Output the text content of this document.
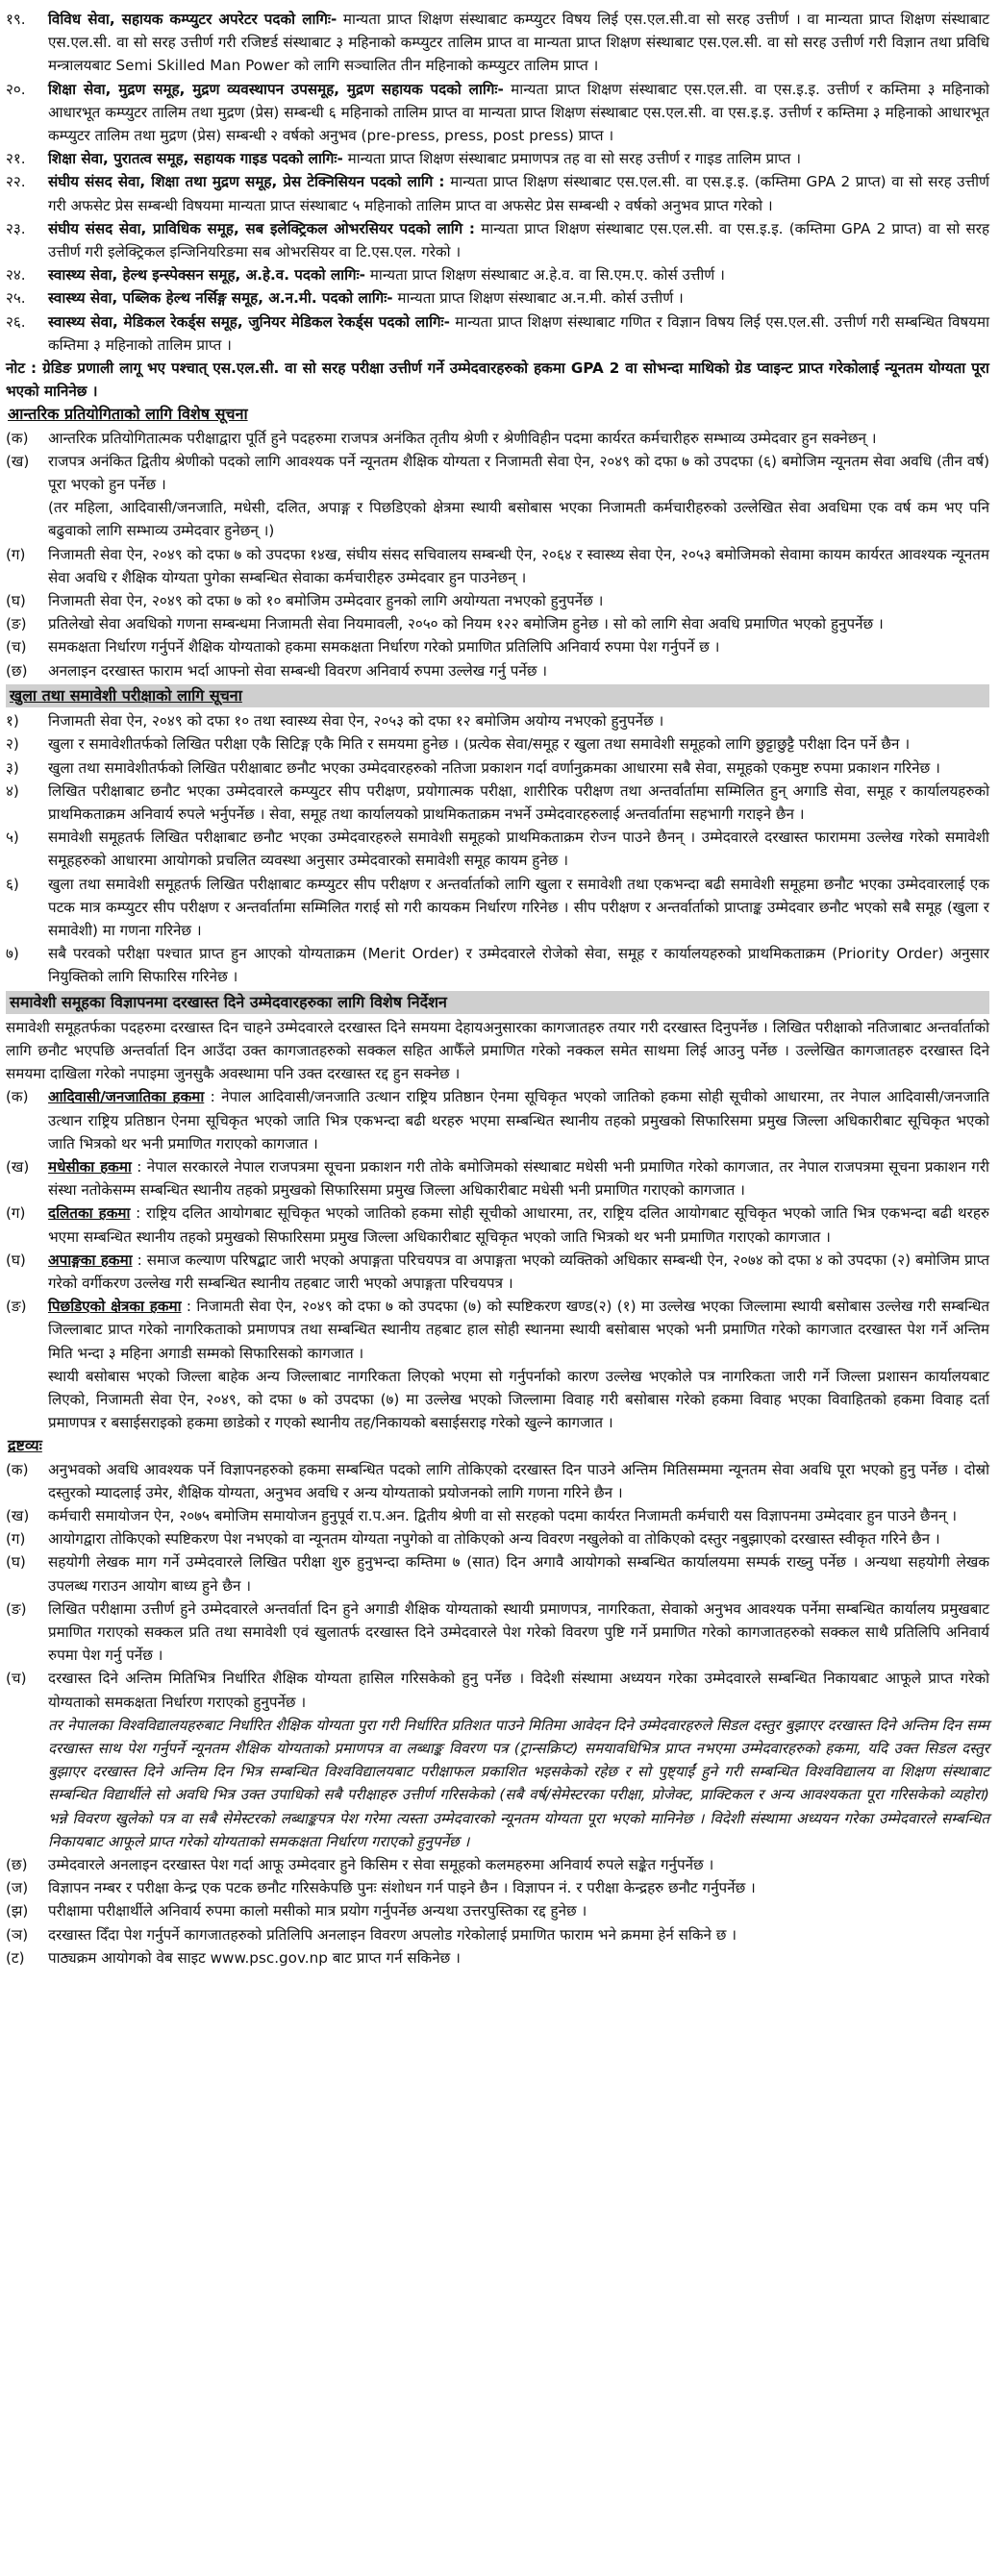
१९.	विविध सेवा, सहायक कम्प्युटर अपरेटर पदको लागिः- मान्यता प्राप्त शिक्षण संस्थाबाट कम्प्युटर विषय लिई एस.एल.सी.वा सो सरह उत्तीर्ण । वा मान्यता प्राप्त शिक्षण संस्थाबाट एस.एल.सी. वा सो सरह उत्तीर्ण गरी रजिष्टर्ड संस्थाबाट ३ महिनाको कम्प्युटर तालिम प्राप्त वा मान्यता प्राप्त शिक्षण संस्थाबाट एस.एल.सी. वा सो सरह उत्तीर्ण गरी विज्ञान तथा प्रविधि मन्त्रालयबाट Semi Skilled Man Power को लागि सञ्चालित तीन महिनाको कम्प्युटर तालिम प्राप्त ।
२०.	शिक्षा सेवा, मुद्रण समूह, मुद्रण व्यवस्थापन उपसमूह, मुद्रण सहायक पदको लागिः- मान्यता प्राप्त शिक्षण संस्थाबाट एस.एल.सी. वा एस.इ.इ. उत्तीर्ण र कम्तिमा ३ महिनाको आधारभूत कम्प्युटर तालिम तथा मुद्रण (प्रेस) सम्बन्धी ६ महिनाको तालिम प्राप्त वा मान्यता प्राप्त शिक्षण संस्थाबाट एस.एल.सी. वा एस.इ.इ. उत्तीर्ण र कम्तिमा ३ महिनाको आधारभूत कम्प्युटर तालिम तथा मुद्रण (प्रेस) सम्बन्धी २ वर्षको अनुभव (pre-press, press, post press) प्राप्त ।
२१.	शिक्षा सेवा, पुरातत्व समूह, सहायक गाइड पदको लागिः- मान्यता प्राप्त शिक्षण संस्थाबाट प्रमाणपत्र तह वा सो सरह उत्तीर्ण र गाइड तालिम प्राप्त ।
२२.	संघीय संसद सेवा, शिक्षा तथा मुद्रण समूह, प्रेस टेक्निसियन पदको लागि : मान्यता प्राप्त शिक्षण संस्थाबाट एस.एल.सी. वा एस.इ.इ. (कम्तिमा GPA 2 प्राप्त) वा सो सरह उत्तीर्ण गरी अफसेट प्रेस सम्बन्धी विषयमा मान्यता प्राप्त संस्थाबाट ५ महिनाको तालिम प्राप्त वा अफसेट प्रेस सम्बन्धी २ वर्षको अनुभव प्राप्त गरेको ।
२३.	संघीय संसद सेवा, प्राविधिक समूह, सब इलेक्ट्रिकल ओभरसियर पदको लागि : मान्यता प्राप्त शिक्षण संस्थाबाट एस.एल.सी. वा एस.इ.इ. (कम्तिमा GPA 2 प्राप्त) वा सो सरह उत्तीर्ण गरी इलेक्ट्रिकल इन्जिनियरिङमा सब ओभरसियर वा टि.एस.एल. गरेको ।
२४.	स्वास्थ्य सेवा, हेल्थ इन्स्पेक्सन समूह, अ.हे.व. पदको लागिः- मान्यता प्राप्त शिक्षण संस्थाबाट अ.हे.व. वा सि.एम.ए. कोर्स उत्तीर्ण ।
२५.	स्वास्थ्य सेवा, पब्लिक हेल्थ नर्सिङ्ग समूह, अ.न.मी. पदको लागिः- मान्यता प्राप्त शिक्षण संस्थाबाट अ.न.मी. कोर्स उत्तीर्ण ।
२६.	स्वास्थ्य सेवा, मेडिकल रेकर्ड्स समूह, जुनियर मेडिकल रेकर्ड्स पदको लागिः- मान्यता प्राप्त शिक्षण संस्थाबाट गणित र विज्ञान विषय लिई एस.एल.सी. उत्तीर्ण गरी सम्बन्धित विषयमा कम्तिमा ३ महिनाको तालिम प्राप्त ।
नोट : ग्रेडिङ प्रणाली लागू भए पश्चात् एस.एल.सी. वा सो सरह परीक्षा उत्तीर्ण गर्ने उम्मेदवारहरुको हकमा GPA 2 वा सोभन्दा माथिको ग्रेड प्वाइन्ट प्राप्त गरेकोलाई न्यूनतम योग्यता पूरा भएको मानिनेछ ।
आन्तरिक प्रतियोगिताको लागि विशेष सूचना
(क)	आन्तरिक प्रतियोगितात्मक परीक्षाद्वारा पूर्ति हुने पदहरुमा राजपत्र अनंकित तृतीय श्रेणी र श्रेणीविहीन पदमा कार्यरत कर्मचारीहरु सम्भाव्य उम्मेदवार हुन सक्नेछन् ।
(ख)	राजपत्र अनंकित द्वितीय श्रेणीको पदको लागि आवश्यक पर्ने न्यूनतम शैक्षिक योग्यता र निजामती सेवा ऐन, २०४९ को दफा ७ को उपदफा (६) बमोजिम न्यूनतम सेवा अवधि (तीन वर्ष) पूरा भएको हुन पर्नेछ ।
(तर महिला, आदिवासी/जनजाति, मधेसी, दलित, अपाङ्ग र पिछडिएको क्षेत्रमा स्थायी बसोबास भएका निजामती कर्मचारीहरुको उल्लेखित सेवा अवधिमा एक वर्ष कम भए पनि बढुवाको लागि सम्भाव्य उम्मेदवार हुनेछन् ।)
(ग)	निजामती सेवा ऐन, २०४९ को दफा ७ को उपदफा १४ख, संघीय संसद सचिवालय सम्बन्धी ऐन, २०६४ र स्वास्थ्य सेवा ऐन, २०५३ बमोजिमको सेवामा कायम कार्यरत आवश्यक न्यूनतम सेवा अवधि र शैक्षिक योग्यता पुगेका सम्बन्धित सेवाका कर्मचारीहरु उम्मेदवार हुन पाउनेछन् ।
(घ)	निजामती सेवा ऐन, २०४९ को दफा ७ को १० बमोजिम उम्मेदवार हुनको लागि अयोग्यता नभएको हुनुपर्नेछ ।
(ङ)	प्रतिलेखो सेवा अवधिको गणना सम्बन्धमा निजामती सेवा नियमावली, २०५० को नियम १२२ बमोजिम हुनेछ । सो को लागि सेवा अवधि प्रमाणित भएको हुनुपर्नेछ ।
(च)	समकक्षता निर्धारण गर्नुपर्ने शैक्षिक योग्यताको हकमा समकक्षता निर्धारण गरेको प्रमाणित प्रतिलिपि अनिवार्य रुपमा पेश गर्नुपर्ने छ ।
(छ)	अनलाइन दरखास्त फाराम भर्दा आफ्नो सेवा सम्बन्धी विवरण अनिवार्य रुपमा उल्लेख गर्नु पर्नेछ ।
खुला तथा समावेशी परीक्षाको लागि सूचना
१)	निजामती सेवा ऐन, २०४९ को दफा १० तथा स्वास्थ्य सेवा ऐन, २०५३ को दफा १२ बमोजिम अयोग्य नभएको हुनुपर्नेछ ।
२)	खुला र समावेशीतर्फको लिखित परीक्षा एकै सिटिङ्ग एकै मिति र समयमा हुनेछ । (प्रत्येक सेवा/समूह र खुला तथा समावेशी समूहको लागि छुट्टाछुट्टै परीक्षा दिन पर्ने छैन ।
३)	खुला तथा समावेशीतर्फको लिखित परीक्षाबाट छनौट भएका उम्मेदवारहरुको नतिजा प्रकाशन गर्दा वर्णानुक्रमका आधारमा सबै सेवा, समूहको एकमुष्ट रुपमा प्रकाशन गरिनेछ ।
४)	लिखित परीक्षाबाट छनौट भएका उम्मेदवारले कम्प्युटर सीप परीक्षण, प्रयोगात्मक परीक्षा, शारीरिक परीक्षण तथा अन्तर्वार्तामा सम्मिलित हुन् अगाडि सेवा, समूह र कार्यालयहरुको प्राथमिकताक्रम अनिवार्य रुपले भर्नुपर्नेछ । सेवा, समूह तथा कार्यालयको प्राथमिकताक्रम नभर्ने उम्मेदवारहरुलाई अन्तर्वार्तामा सहभागी गराइने छैन ।
५)	समावेशी समूहतर्फ लिखित परीक्षाबाट छनौट भएका उम्मेदवारहरुले समावेशी समूहको प्राथमिकताक्रम रोज्न पाउने छैनन् । उम्मेदवारले दरखास्त फाराममा उल्लेख गरेको समावेशी समूहहरुको आधारमा आयोगको प्रचलित व्यवस्था अनुसार उम्मेदवारको समावेशी समूह कायम हुनेछ ।
६)	खुला तथा समावेशी समूहतर्फ लिखित परीक्षाबाट कम्प्युटर सीप परीक्षण र अन्तर्वार्ताको लागि खुला र समावेशी तथा एकभन्दा बढी समावेशी समूहमा छनौट भएका उम्मेदवारलाई एक पटक मात्र कम्प्युटर सीप परीक्षण र अन्तर्वार्तामा सम्मिलित गराई सो गरी कायकम निर्धारण गरिनेछ । सीप परीक्षण र अन्तर्वार्ताको प्राप्ताङ्क उम्मेदवार छनौट भएको सबै समूह (खुला र समावेशी) मा गणना गरिनेछ ।
७)	सबै परवको परीक्षा पश्चात प्राप्त हुन आएको योग्यताक्रम (Merit Order) र उम्मेदवारले रोजेको सेवा, समूह र कार्यालयहरुको प्राथमिकताक्रम (Priority Order) अनुसार नियुक्तिको लागि सिफारिस गरिनेछ ।
समावेशी समूहका विज्ञापनमा दरखास्त दिने उम्मेदवारहरुका लागि विशेष निर्देशन
समावेशी समूहतर्फका पदहरुमा दरखास्त दिन चाहने उम्मेदवारले दरखास्त दिने समयमा देहायअनुसारका कागजातहरु तयार गरी दरखास्त दिनुपर्नेछ । लिखित परीक्षाको नतिजाबाट अन्तर्वार्ताको लागि छनौट भएपछि अन्तर्वार्ता दिन आउँदा उक्त कागजातहरुको सक्कल सहित आफैँले प्रमाणित गरेको नक्कल समेत साथमा लिई आउनु पर्नेछ । उल्लेखित कागजातहरु दरखास्त दिने समयमा दाखिला गरेको नपाइमा जुनसुकै अवस्थामा पनि उक्त दरखास्त रद्द हुन सक्नेछ ।
(क)	आदिवासी/जनजातिका हकमा : नेपाल आदिवासी/जनजाति उत्थान राष्ट्रिय प्रतिष्ठान ऐनमा सूचिकृत भएको जातिको हकमा सोही सूचीको आधारमा, तर नेपाल आदिवासी/जनजाति उत्थान राष्ट्रिय प्रतिष्ठान ऐनमा सूचिकृत भएको जाति भित्र एकभन्दा बढी थरहरु भएमा सम्बन्धित स्थानीय तहको प्रमुखको सिफारिसमा प्रमुख जिल्ला अधिकारीबाट सूचिकृत भएको जाति भित्रको थर भनी प्रमाणित गराएको कागजात ।
(ख)	मधेसीका हकमा : नेपाल सरकारले नेपाल राजपत्रमा सूचना प्रकाशन गरी तोके बमोजिमको संस्थाबाट मधेसी भनी प्रमाणित गरेको कागजात, तर नेपाल राजपत्रमा सूचना प्रकाशन गरी संस्था नतोकेसम्म सम्बन्धित स्थानीय तहको प्रमुखको सिफारिसमा प्रमुख जिल्ला अधिकारीबाट मधेसी भनी प्रमाणित गराएको कागजात ।
(ग)	दलितका हकमा : राष्ट्रिय दलित आयोगबाट सूचिकृत भएको जातिको हकमा सोही सूचीको आधारमा, तर, राष्ट्रिय दलित आयोगबाट सूचिकृत भएको जाति भित्र एकभन्दा बढी थरहरु भएमा सम्बन्धित स्थानीय तहको प्रमुखको सिफारिसमा प्रमुख जिल्ला अधिकारीबाट सूचिकृत भएको जाति भित्रको थर भनी प्रमाणित गराएको कागजात ।
(घ)	अपाङ्गका हकमा : समाज कल्याण परिषद्बाट जारी भएको अपाङ्गता परिचयपत्र वा अपाङ्गता भएको व्यक्तिको अधिकार सम्बन्धी ऐन, २०७४ को दफा ४ को उपदफा (२) बमोजिम प्राप्त गरेको वर्गीकरण उल्लेख गरी सम्बन्धित स्थानीय तहबाट जारी भएको अपाङ्गता परिचयपत्र ।
(ङ)	पिछडिएको क्षेत्रका हकमा : निजामती सेवा ऐन, २०४९ को दफा ७ को उपदफा (७) को स्पष्टिकरण खण्ड(२) (१) मा उल्लेख भएका जिल्लामा स्थायी बसोबास उल्लेख गरी सम्बन्धित जिल्लाबाट प्राप्त गरेको नागरिकताको प्रमाणपत्र तथा सम्बन्धित स्थानीय तहबाट हाल सोही स्थानमा स्थायी बसोबास भएको भनी प्रमाणित गरेको कागजात दरखास्त पेश गर्ने अन्तिम मिति भन्दा ३ महिना अगाडी सम्मको सिफारिसको कागजात ।
स्थायी बसोबास भएको जिल्ला बाहेक अन्य जिल्लाबाट नागरिकता लिएको भएमा सो गर्नुपर्नाको कारण उल्लेख भएकोले पत्र नागरिकता जारी गर्ने जिल्ला प्रशासन कार्यालयबाट लिएको, निजामती सेवा ऐन, २०४९, को दफा ७ को उपदफा (७) मा उल्लेख भएको जिल्लामा विवाह गरी बसोबास गरेको हकमा विवाह भएका विवाहितको हकमा विवाह दर्ता प्रमाणपत्र र बसाईसराइको हकमा छाडेको र गएको स्थानीय तह/निकायको बसाईसराइ गरेको खुल्ने कागजात ।
द्रष्टव्यः
(क)	अनुभवको अवधि आवश्यक पर्ने विज्ञापनहरुको हकमा सम्बन्धित पदको लागि तोकिएको दरखास्त दिन पाउने अन्तिम मितिसम्ममा न्यूनतम सेवा अवधि पूरा भएको हुनु पर्नेछ । दोस्रो दस्तुरको म्यादलाई उमेर, शैक्षिक योग्यता, अनुभव अवधि र अन्य योग्यताको प्रयोजनको लागि गणना गरिने छैन ।
(ख)	कर्मचारी समायोजन ऐन, २०७५ बमोजिम समायोजन हुनुपूर्व रा.प.अन. द्वितीय श्रेणी वा सो सरहको पदमा कार्यरत निजामती कर्मचारी यस विज्ञापनमा उम्मेदवार हुन पाउने छैनन् ।
(ग)	आयोगद्वारा तोकिएको स्पष्टिकरण पेश नभएको वा न्यूनतम योग्यता नपुगेको वा तोकिएको अन्य विवरण नखुलेको वा तोकिएको दस्तुर नबुझाएको दरखास्त स्वीकृत गरिने छैन ।
(घ)	सहयोगी लेखक माग गर्ने उम्मेदवारले लिखित परीक्षा शुरु हुनुभन्दा कम्तिमा ७ (सात) दिन अगावै आयोगको सम्बन्धित कार्यालयमा सम्पर्क राख्नु पर्नेछ । अन्यथा सहयोगी लेखक उपलब्ध गराउन आयोग बाध्य हुने छैन ।
(ङ)	लिखित परीक्षामा उत्तीर्ण हुने उम्मेदवारले अन्तर्वार्ता दिन हुने अगाडी शैक्षिक योग्यताको स्थायी प्रमाणपत्र, नागरिकता, सेवाको अनुभव आवश्यक पर्नेमा सम्बन्धित कार्यालय प्रमुखबाट प्रमाणित गराएको सक्कल प्रति तथा समावेशी एवं खुलातर्फ दरखास्त दिने उम्मेदवारले पेश गरेको विवरण पुष्टि गर्ने प्रमाणित गरेको कागजातहरुको सक्कल साथै प्रतिलिपि अनिवार्य रुपमा पेश गर्नु पर्नेछ ।
(च)	दरखास्त दिने अन्तिम मितिभित्र निर्धारित शैक्षिक योग्यता हासिल गरिसकेको हुनु पर्नेछ । विदेशी संस्थामा अध्ययन गरेका उम्मेदवारले सम्बन्धित निकायबाट आफूले प्राप्त गरेको योग्यताको समकक्षता निर्धारण गराएको हुनुपर्नेछ ।
तर नेपालका विश्वविद्यालयहरुबाट निर्धारित शैक्षिक योग्यता पुरा गरी निर्धारित प्रतिशत पाउने मितिमा आवेदन दिने उम्मेदवारहरुले सिडल दस्तुर बुझाएर दरखास्त दिने अन्तिम दिन सम्म दरखास्त साथ पेश गर्नुपर्ने न्यूनतम शैक्षिक योग्यताको प्रमाणपत्र वा लब्धाङ्क विवरण पत्र (ट्रान्सक्रिप्ट) समयावधिभित्र प्राप्त नभएमा उम्मेदवारहरुको हकमा, यदि उक्त सिडल दस्तुर बुझाएर दरखास्त दिने अन्तिम दिन भित्र सम्बन्धित विश्वविद्यालयबाट परीक्षाफल प्रकाशित भइसकेको रहेछ र सो पुष्ट्याईं हुने गरी सम्बन्धित विश्वविद्यालय वा शिक्षण संस्थाबाट सम्बन्धित विद्यार्थीले सो अवधि भित्र उक्त उपाधिको सबै परीक्षाहरु उत्तीर्ण गरिसकेको (सबै वर्ष/सेमेस्टरका परीक्षा, प्रोजेक्ट, प्राक्टिकल र अन्य आवश्यकता पूरा गरिसकेको व्यहोरा) भन्ने विवरण खुलेको पत्र वा सबै सेमेस्टरको लब्धाङ्कपत्र पेश गरेमा त्यस्ता उम्मेदवारको न्यूनतम योग्यता पूरा भएको मानिनेछ । विदेशी संस्थामा अध्ययन गरेका उम्मेदवारले सम्बन्धित निकायबाट आफूले प्राप्त गरेको योग्यताको समकक्षता निर्धारण गराएको हुनुपर्नेछ ।
(छ)	उम्मेदवारले अनलाइन दरखास्त पेश गर्दा आफू उम्मेदवार हुने किसिम र सेवा समूहको कलमहरुमा अनिवार्य रुपले सङ्केत गर्नुपर्नेछ ।
(ज)	विज्ञापन नम्बर र परीक्षा केन्द्र एक पटक छनौट गरिसकेपछि पुनः संशोधन गर्न पाइने छैन । विज्ञापन नं. र परीक्षा केन्द्रहरु छनौट गर्नुपर्नेछ ।
(झ)	परीक्षामा परीक्षार्थीले अनिवार्य रुपमा कालो मसीको मात्र प्रयोग गर्नुपर्नेछ अन्यथा उत्तरपुस्तिका रद्द हुनेछ ।
(ञ)	दरखास्त दिँदा पेश गर्नुपर्ने कागजातहरुको प्रतिलिपि अनलाइन विवरण अपलोड गरेकोलाई प्रमाणित फाराम भने क्रममा हेर्न सकिने छ ।
(ट)	पाठ्यक्रम आयोगको वेब साइट www.psc.gov.np बाट प्राप्त गर्न सकिनेछ ।
